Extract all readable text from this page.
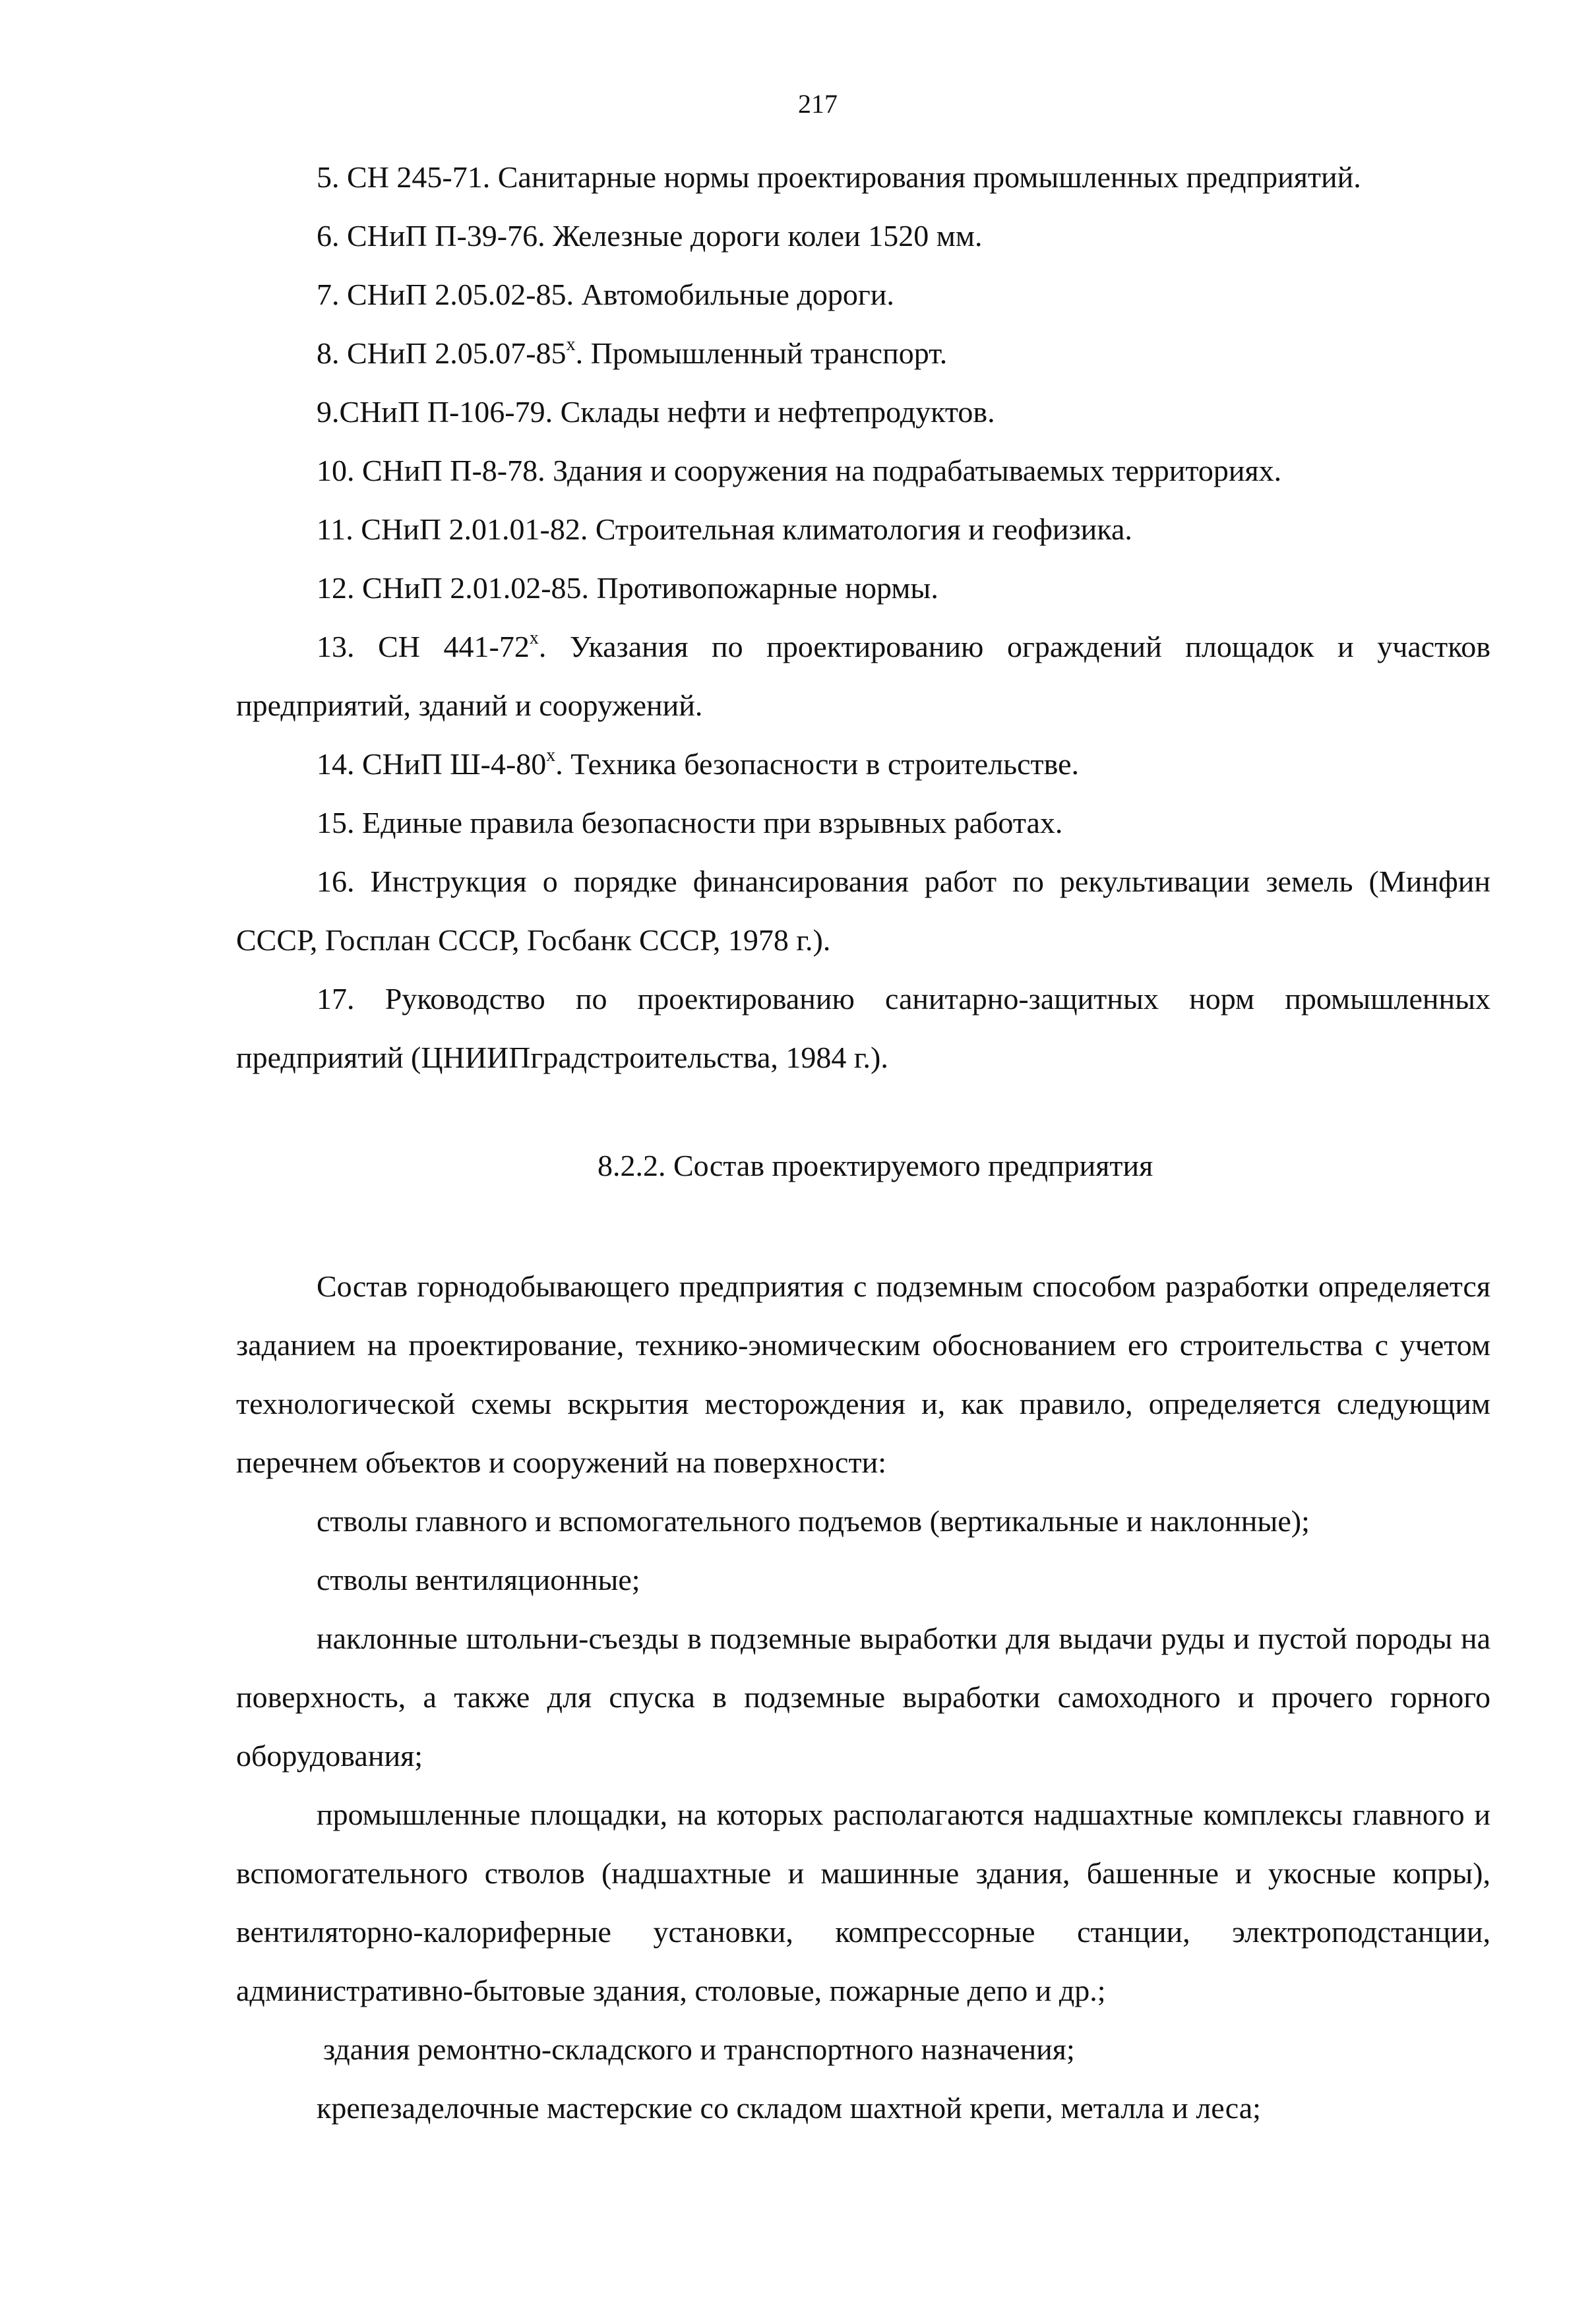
217
5. СН 245-71. Санитарные нормы проектирования промышленных предприятий.
6. СНиП П-39-76. Железные дороги колеи 1520 мм.
7. СНиП 2.05.02-85. Автомобильные дороги.
8. СНиП $2.05.07-85^х$. Промышленный транспорт.
9.СНиП П-106-79. Склады нефти и нефтепродуктов.
10. СНиП П-8-78. Здания и сооружения на подрабатываемых территориях.
11. СНиП 2.01.01-82. Строительная климатология и геофизика.
12. СНиП 2.01.02-85. Противопожарные нормы.
13. СН $441-72^х$. Указания по проектированию ограждений площадок и участков предприятий, зданий и сооружений.
14. СНиП $Ш-4-80^х$. Техника безопасности в строительстве.
15. Единые правила безопасности при взрывных работах.
16. Инструкция о порядке финансирования работ по рекультивации земель (Минфин СССР, Госплан СССР, Госбанк СССР, 1978 г.).
17. Руководство по проектированию санитарно-защитных норм промышленных предприятий (ЦНИИПградстроительства, 1984 г.).
8.2.2. Состав проектируемого предприятия
Состав горнодобывающего предприятия с подземным способом разработки определяется заданием на проектирование, технико-эномическим обоснованием его строительства с учетом технологической схемы вскрытия месторождения и, как правило, определяется следующим перечнем объектов и сооружений на поверхности:
стволы главного и вспомогательного подъемов (вертикальные и наклонные);
стволы вентиляционные;
наклонные штольни-съезды в подземные выработки для выдачи руды и пустой породы на поверхность, а также для спуска в подземные выработки самоходного и прочего горного оборудования;
промышленные площадки, на которых располагаются надшахтные комплексы главного и вспомогательного стволов (надшахтные и машинные здания, башенные и укосные копры), вентиляторно-калориферные установки, компрессорные станции, электроподстанции, административно-бытовые здания, столовые, пожарные депо и др.;
здания ремонтно-складского и транспортного назначения;
крепезаделочные мастерские со складом шахтной крепи, металла и леса;
